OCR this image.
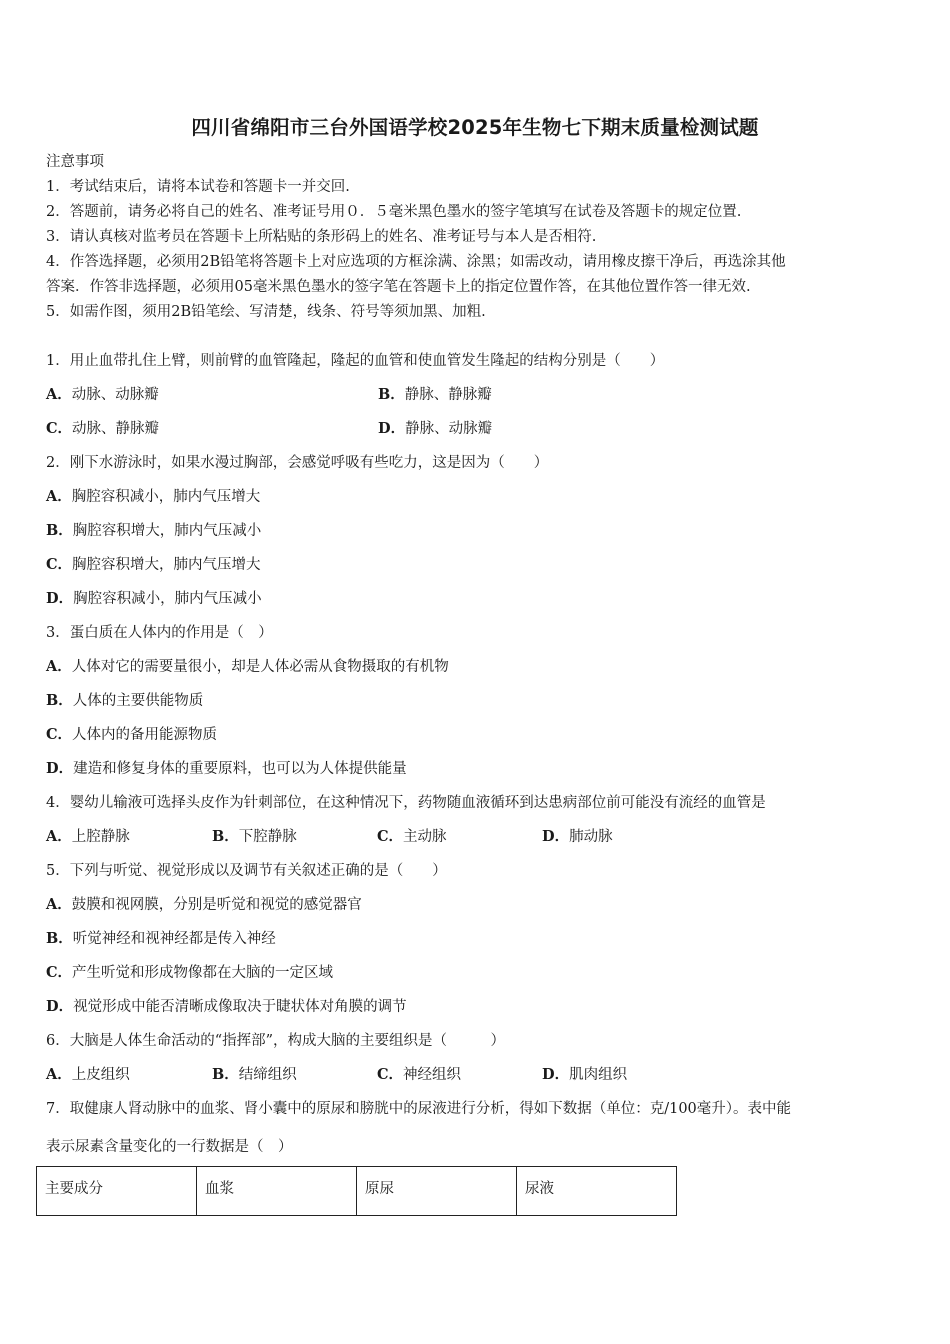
四川省绵阳市三台外国语学校2025年生物七下期末质量检测试题
注意事项
1．考试结束后，请将本试卷和答题卡一并交回.
2．答题前，请务必将自己的姓名、准考证号用０．５毫米黑色墨水的签字笔填写在试卷及答题卡的规定位置.
3．请认真核对监考员在答题卡上所粘贴的条形码上的姓名、准考证号与本人是否相符.
4．作答选择题，必须用2B铅笔将答题卡上对应选项的方框涂满、涂黑；如需改动，请用橡皮擦干净后，再选涂其他
答案．作答非选择题，必须用05毫米黑色墨水的签字笔在答题卡上的指定位置作答，在其他位置作答一律无效.
5．如需作图，须用2B铅笔绘、写清楚，线条、符号等须加黑、加粗.
1．用止血带扎住上臂，则前臂的血管隆起，隆起的血管和使血管发生隆起的结构分别是（　　）
A．动脉、动脉瓣	B．静脉、静脉瓣
C．动脉、静脉瓣	D．静脉、动脉瓣
2．刚下水游泳时，如果水漫过胸部，会感觉呼吸有些吃力，这是因为（　　）
A．胸腔容积减小，肺内气压增大
B．胸腔容积增大，肺内气压减小
C．胸腔容积增大，肺内气压增大
D．胸腔容积减小，肺内气压减小
3．蛋白质在人体内的作用是（　）
A．人体对它的需要量很小，却是人体必需从食物摄取的有机物
B．人体的主要供能物质
C．人体内的备用能源物质
D．建造和修复身体的重要原料，也可以为人体提供能量
4．婴幼儿输液可选择头皮作为针刺部位，在这种情况下，药物随血液循环到达患病部位前可能没有流经的血管是
A．上腔静脉	B．下腔静脉	C．主动脉	D．肺动脉
5．下列与听觉、视觉形成以及调节有关叙述正确的是（　　）
A．鼓膜和视网膜，分别是听觉和视觉的感觉器官
B．听觉神经和视神经都是传入神经
C．产生听觉和形成物像都在大脑的一定区域
D．视觉形成中能否清晰成像取决于睫状体对角膜的调节
6．大脑是人体生命活动的“指挥部”，构成大脑的主要组织是（　　　）
A．上皮组织	B．结缔组织	C．神经组织	D．肌肉组织
7．取健康人肾动脉中的血浆、肾小囊中的原尿和膀胱中的尿液进行分析，得如下数据（单位：克/100毫升）。表中能
表示尿素含量变化的一行数据是（　）
主要成分	血浆	原尿	尿液
